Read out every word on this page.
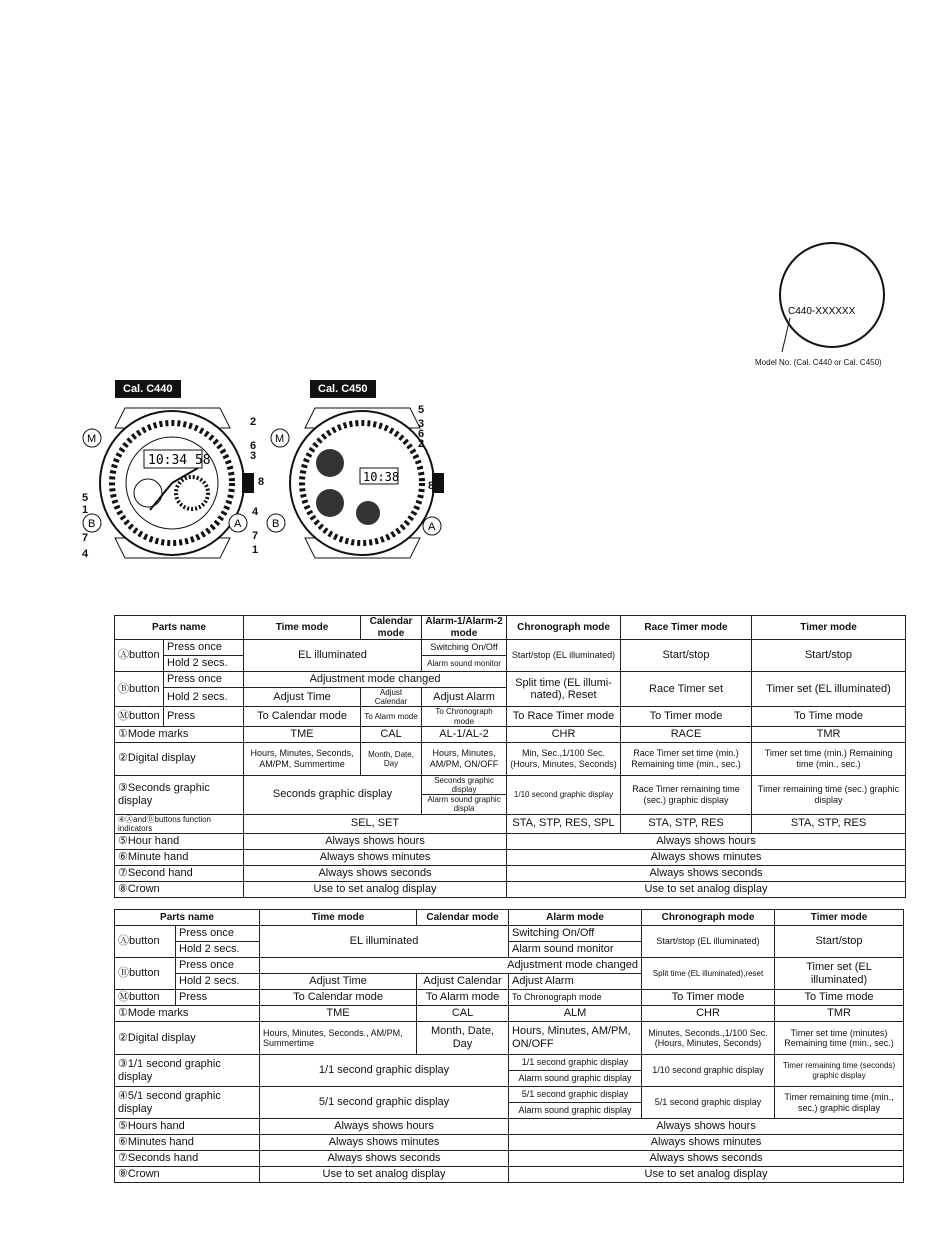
C440-XXXXXX
Model No. (Cal. C440 or Cal. C450)
Cal. C440
10:34 58
M
B	A
2
6
3
8
5
1
7
4
Cal. C450
10:38
M
B	A
5
3
6
2
8
4
7
1
Parts name		Time mode	Calendar mode	Alarm-1/Alarm-2 mode	Chronograph mode	Race Timer mode	Timer mode
Ⓐbutton	Press once	EL illuminated		Switching On/Off	Start/stop (EL illuminated)	Start/stop	Start/stop
	Hold 2 secs.			Alarm sound monitor			
Ⓑbutton	Press once	Adjustment mode changed			Split time (EL illumi-nated), Reset	Race Timer set	Timer set (EL illuminated)
	Hold 2 secs.	Adjust Time	Adjust Calendar	Adjust Alarm			
Ⓜbutton	Press	To Calendar mode	To Alarm mode	To Chronograph mode	To Race Timer mode	To Timer mode	To Time mode
①Mode marks		TME	CAL	AL-1/AL-2	CHR	RACE	TMR
②Digital display		Hours, Minutes, Seconds, AM/PM, Summertime	Month, Date, Day	Hours, Minutes, AM/PM, ON/OFF	Min, Sec.,1/100 Sec. (Hours, Minutes, Seconds)	Race Timer set time (min.) Remaining time (min., sec.)	Timer set time (min.) Remaining time (min., sec.)
③Seconds graphic display		Seconds graphic display		Seconds graphic display	1/10 second graphic display	Race Timer remaining time (sec.) graphic display	Timer remaining time (sec.) graphic display
				Alarm sound graphic displa			
④ⒶandⒷbuttons function indicators		SEL, SET			STA, STP, RES, SPL	STA, STP, RES	STA, STP, RES
⑤Hour hand		Always shows hours			Always shows hours		
⑥Minute hand		Always shows minutes			Always shows minutes		
⑦Second hand		Always shows seconds			Always shows seconds		
⑧Crown		Use to set analog display			Use to set analog display		
Parts name		Time mode	Calendar mode	Alarm mode	Chronograph mode	Timer mode
Ⓐbutton	Press once	EL illuminated		Switching On/Off	Start/stop (EL illuminated)	Start/stop
	Hold 2 secs.			Alarm sound monitor		
Ⓑbutton	Press once	Adjustment mode changed			Split time (EL illuminated),reset	Timer set (EL illuminated)
	Hold 2 secs.	Adjust Time	Adjust Calendar	Adjust Alarm		
Ⓜbutton	Press	To Calendar mode	To Alarm mode	To Chronograph mode	To Timer mode	To Time mode
①Mode marks		TME	CAL	ALM	CHR	TMR
②Digital display		Hours, Minutes, Seconds., AM/PM, Summertime	Month, Date, Day	Hours, Minutes, AM/PM, ON/OFF	Minutes, Seconds.,1/100 Sec. (Hours, Minutes, Seconds)	Timer set time (minutes) Remaining time (min., sec.)
③1/1 second graphic display		1/1 second graphic display		1/1 second graphic display	1/10 second graphic display	Timer remaining time (seconds) graphic display
				Alarm sound graphic display		
④5/1 second graphic display		5/1 second graphic display		5/1 second graphic display	5/1 second graphic display	Timer remaining time (min., sec.) graphic display
				Alarm sound graphic display		
⑤Hours hand		Always shows hours		Always shows hours		
⑥Minutes hand		Always shows minutes		Always shows minutes		
⑦Seconds hand		Always shows seconds		Always shows seconds		
⑧Crown		Use to set analog display		Use to set analog display		
